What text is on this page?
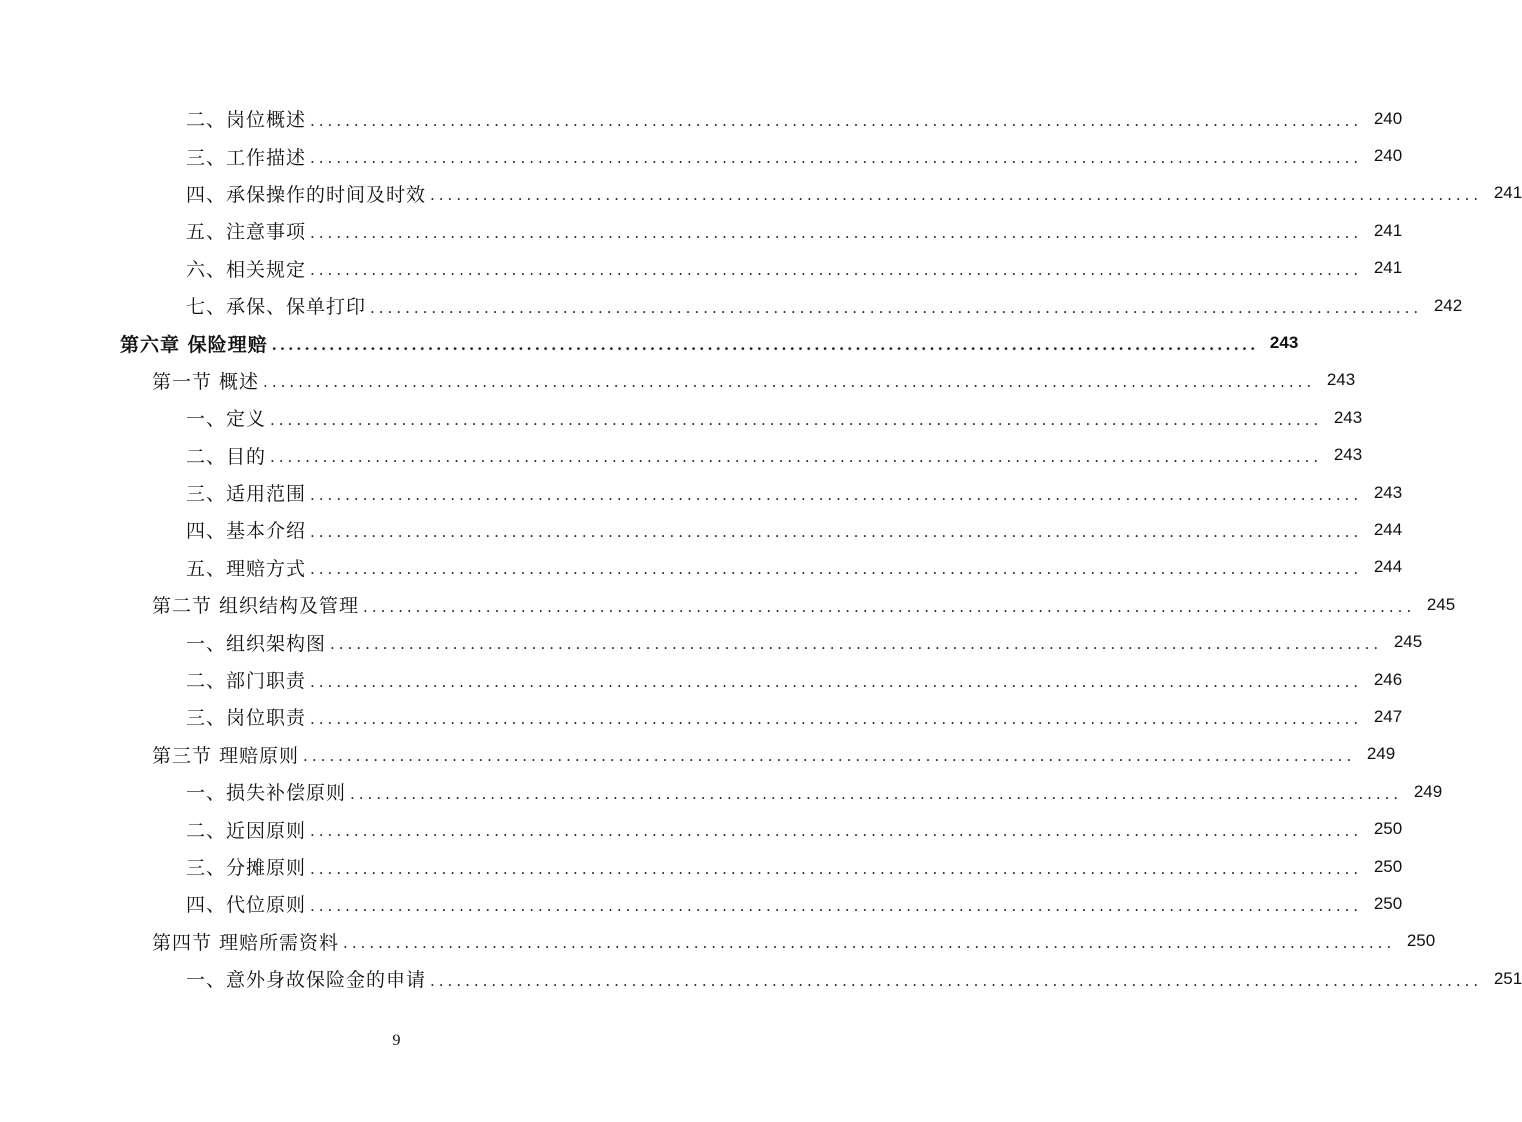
二、岗位概述 ........................................................................................................................ 240
三、工作描述 ........................................................................................................................ 240
四、承保操作的时间及时效 ........................................................................................................................ 241
五、注意事项 ........................................................................................................................ 241
六、相关规定 ........................................................................................................................ 241
七、承保、保单打印 ........................................................................................................................ 242
第六章 保险理赔 ........................................................................................................................ 243
第一节 概述 ........................................................................................................................ 243
一、定义 ........................................................................................................................ 243
二、目的 ........................................................................................................................ 243
三、适用范围 ........................................................................................................................ 243
四、基本介绍 ........................................................................................................................ 244
五、理赔方式 ........................................................................................................................ 244
第二节 组织结构及管理 ........................................................................................................................ 245
一、组织架构图 ........................................................................................................................ 245
二、部门职责 ........................................................................................................................ 246
三、岗位职责 ........................................................................................................................ 247
第三节 理赔原则 ........................................................................................................................ 249
一、损失补偿原则 ........................................................................................................................ 249
二、近因原则 ........................................................................................................................ 250
三、分摊原则 ........................................................................................................................ 250
四、代位原则 ........................................................................................................................ 250
第四节 理赔所需资料 ........................................................................................................................ 250
一、意外身故保险金的申请 ........................................................................................................................ 251
9
